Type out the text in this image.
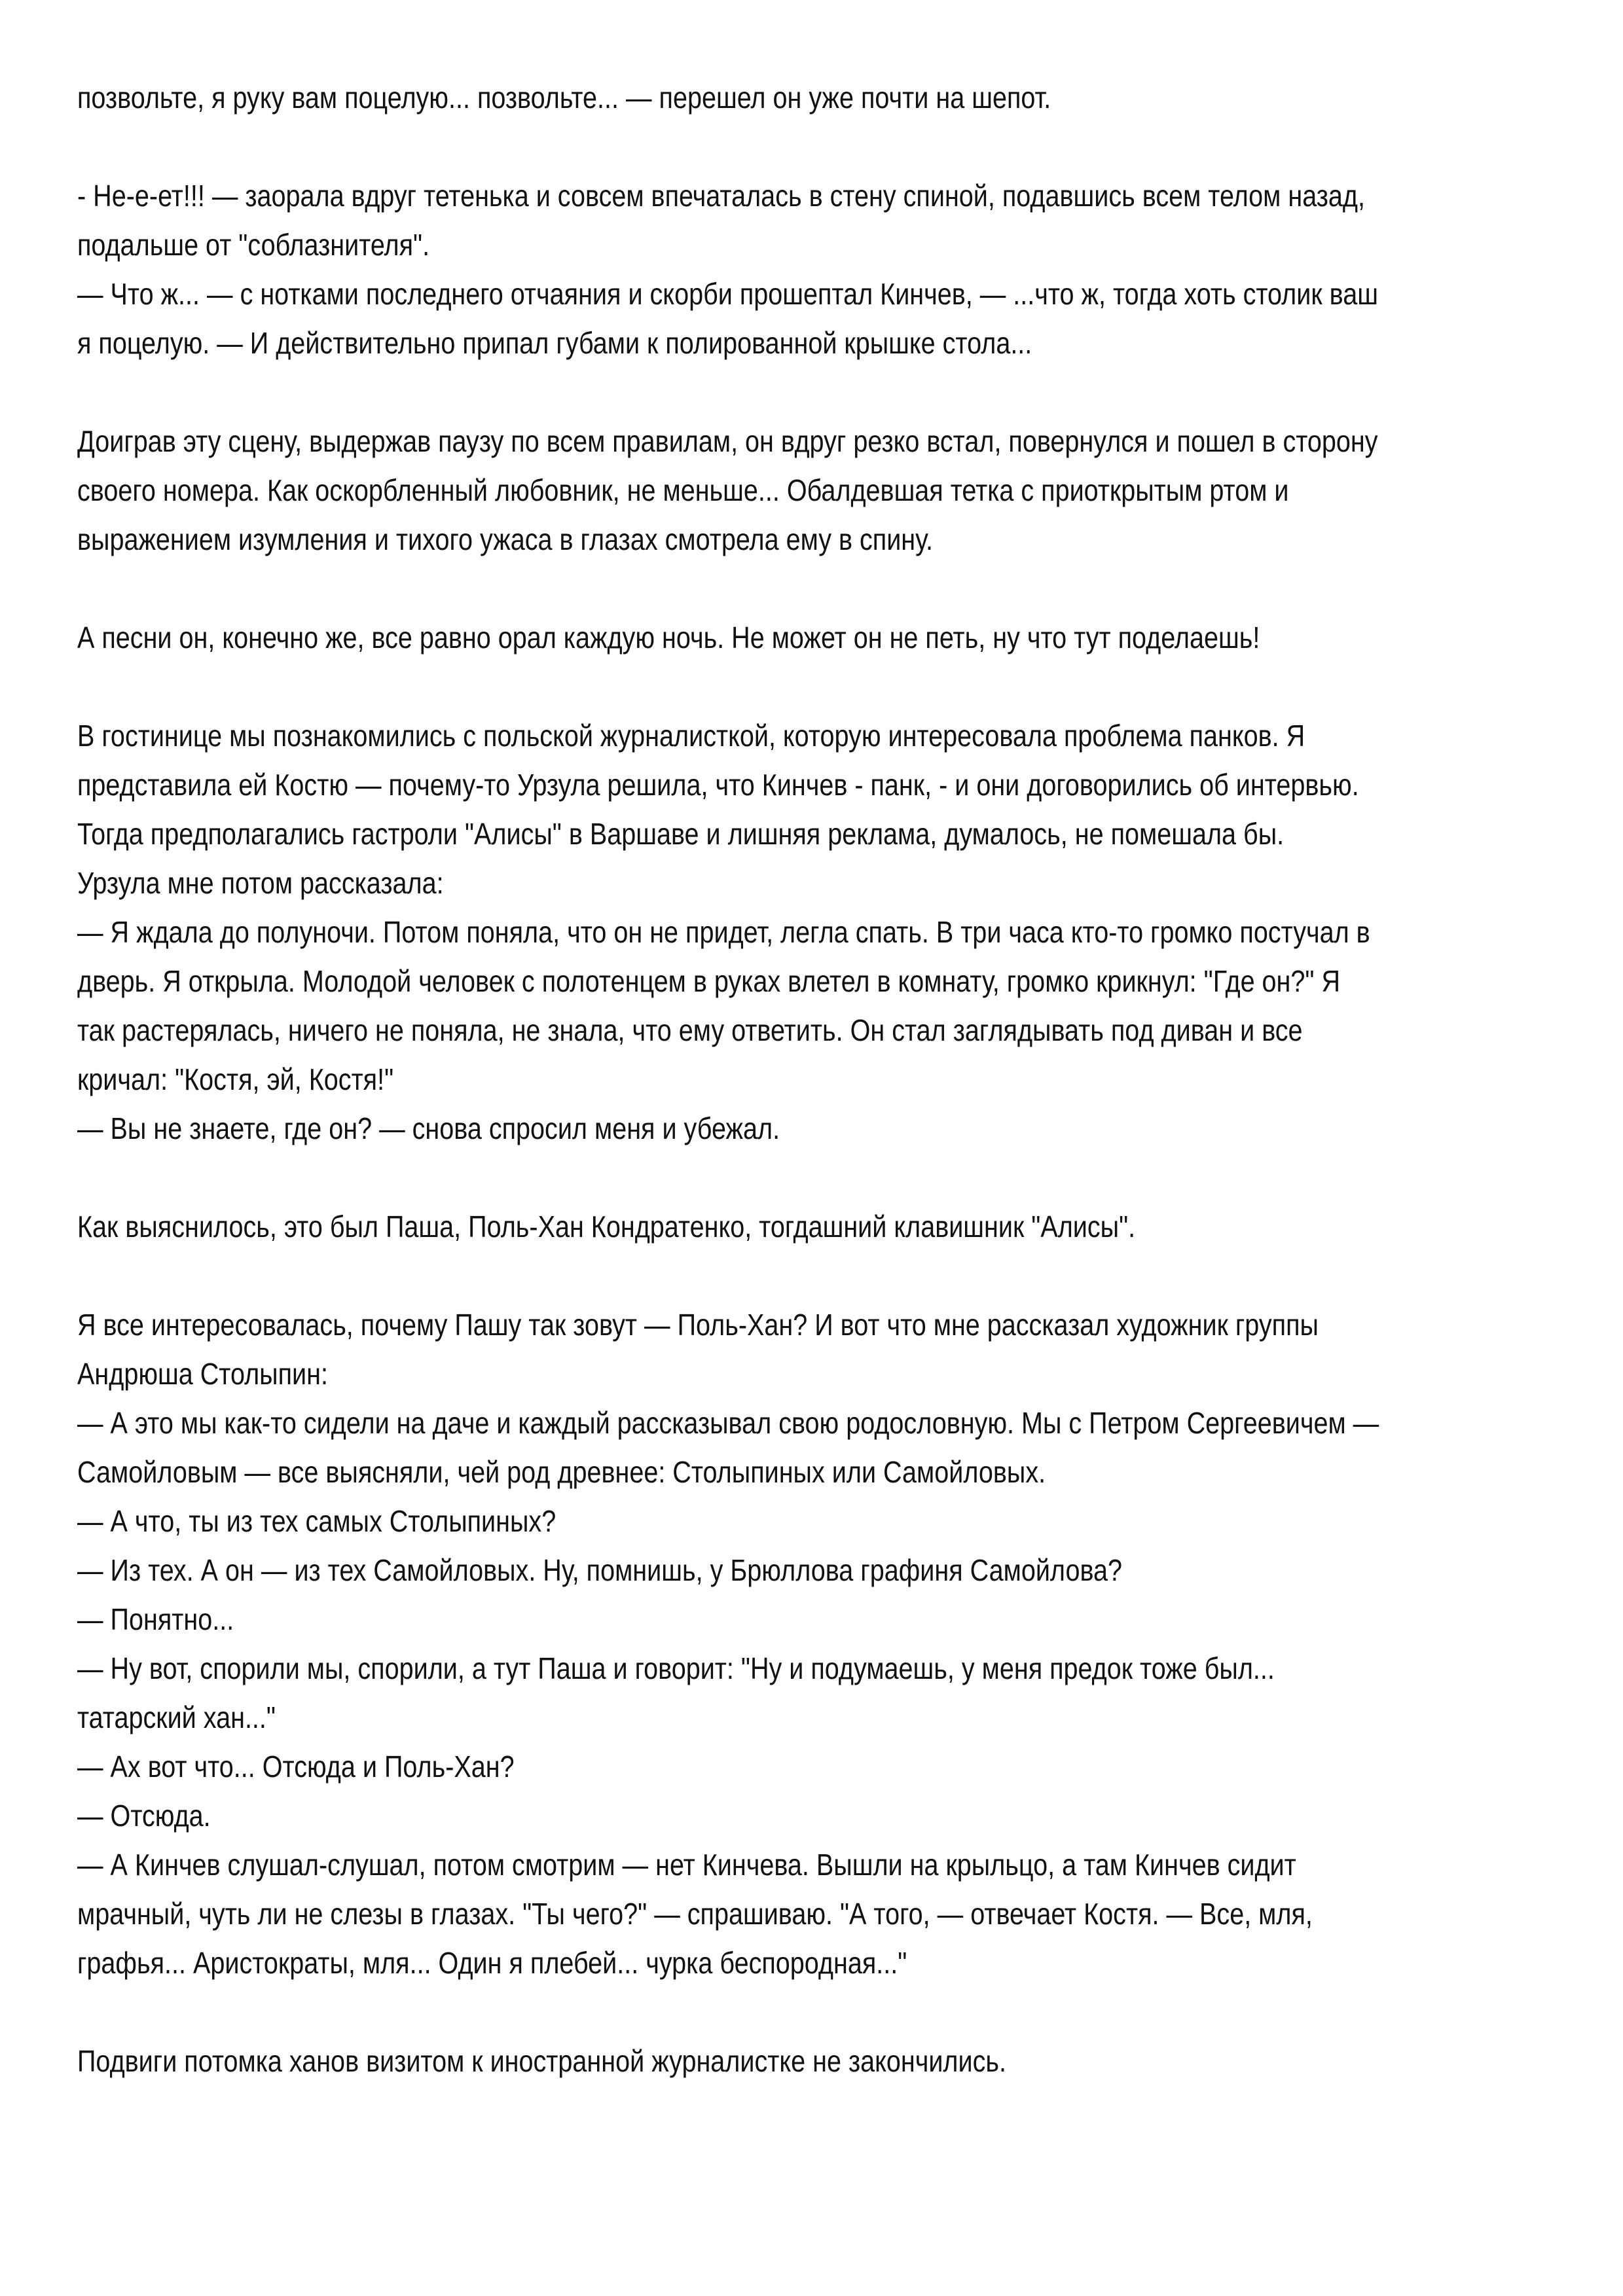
позвольте, я руку вам поцелую... позвольте... — перешел он уже почти на шепот.
- Не-е-ет!!! — заорала вдруг тетенька и совсем впечаталась в стену спиной, подавшись всем телом назад,
подальше от "соблазнителя".
— Что ж... — с нотками последнего отчаяния и скорби прошептал Кинчев, — ...что ж, тогда хоть столик ваш
я поцелую. — И действительно припал губами к полированной крышке стола...
Доиграв эту сцену, выдержав паузу по всем правилам, он вдруг резко встал, повернулся и пошел в сторону
своего номера. Как оскорбленный любовник, не меньше... Обалдевшая тетка с приоткрытым ртом и
выражением изумления и тихого ужаса в глазах смотрела ему в спину.
А песни он, конечно же, все равно орал каждую ночь. Не может он не петь, ну что тут поделаешь!
В гостинице мы познакомились с польской журналисткой, которую интересовала проблема панков. Я
представила ей Костю — почему-то Урзула решила, что Кинчев - панк, - и они договорились об интервью.
Тогда предполагались гастроли "Алисы" в Варшаве и лишняя реклама, думалось, не помешала бы.
Урзула мне потом рассказала:
— Я ждала до полуночи. Потом поняла, что он не придет, легла спать. В три часа кто-то громко постучал в
дверь. Я открыла. Молодой человек с полотенцем в руках влетел в комнату, громко крикнул: "Где он?" Я
так растерялась, ничего не поняла, не знала, что ему ответить. Он стал заглядывать под диван и все
кричал: "Костя, эй, Костя!"
— Вы не знаете, где он? — снова спросил меня и убежал.
Как выяснилось, это был Паша, Поль-Хан Кондратенко, тогдашний клавишник "Алисы".
Я все интересовалась, почему Пашу так зовут — Поль-Хан? И вот что мне рассказал художник группы
Андрюша Столыпин:
— А это мы как-то сидели на даче и каждый рассказывал свою родословную. Мы с Петром Сергеевичем —
Самойловым — все выясняли, чей род древнее: Столыпиных или Самойловых.
— А что, ты из тех самых Столыпиных?
— Из тех. А он — из тех Самойловых. Ну, помнишь, у Брюллова графиня Самойлова?
— Понятно...
— Ну вот, спорили мы, спорили, а тут Паша и говорит: "Ну и подумаешь, у меня предок тоже был...
татарский хан..."
— Ах вот что... Отсюда и Поль-Хан?
— Отсюда.
— А Кинчев слушал-слушал, потом смотрим — нет Кинчева. Вышли на крыльцо, а там Кинчев сидит
мрачный, чуть ли не слезы в глазах. "Ты чего?" — спрашиваю. "А того, — отвечает Костя. — Все, мля,
графья... Аристократы, мля... Один я плебей... чурка беспородная..."
Подвиги потомка ханов визитом к иностранной журналистке не закончились.
